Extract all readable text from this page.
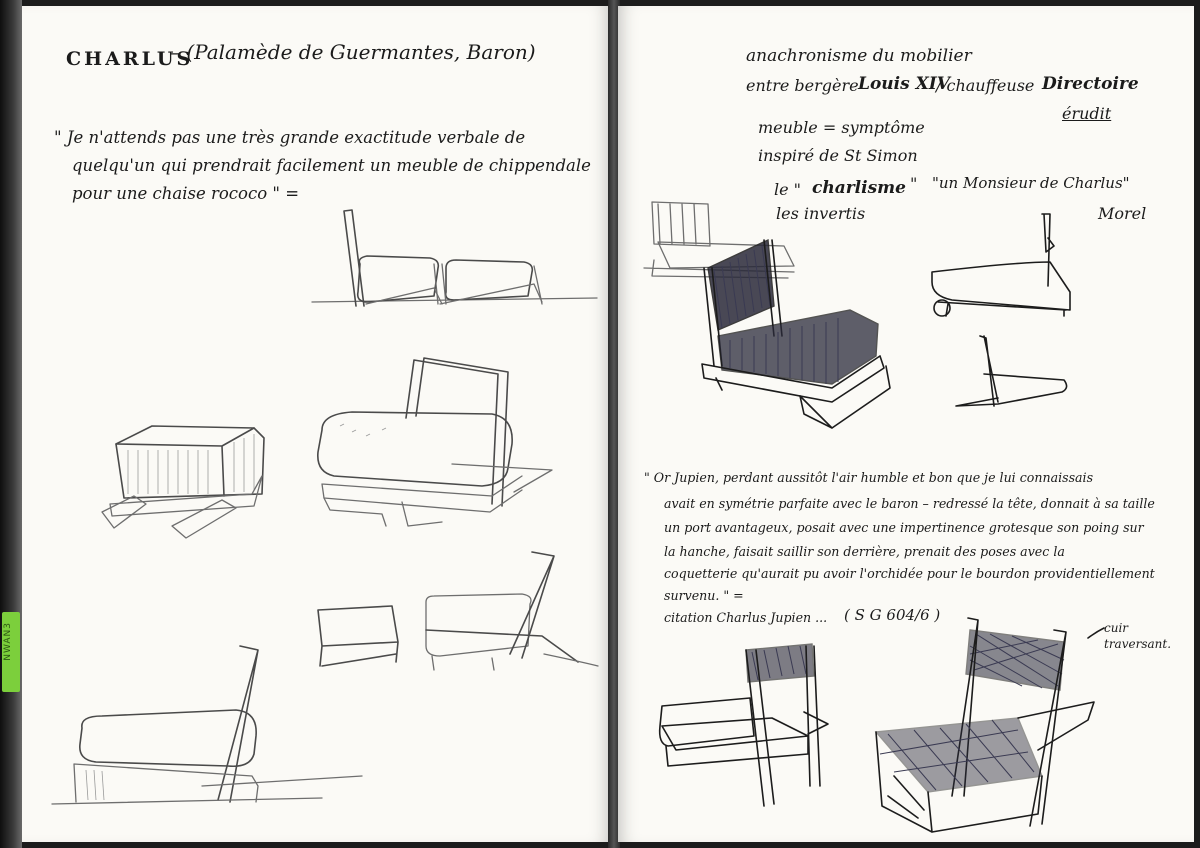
NWAN3
CHARLUS
– (Palamède de Guermantes, Baron)
" Je n'attends pas une très grande exactitude verbale de
quelqu'un qui prendrait facilement un meuble de chippendale
pour une chaise rococo " =
anachronisme du mobilier
entre bergère Louis XIV
/ chauffeuse Directoire
érudit
meuble = symptôme
inspiré de St Simon
le " charlisme " "un Monsieur de Charlus"
les invertis	Morel
" Or Jupien, perdant aussitôt l'air humble et bon que je lui connaissais
avait en symétrie parfaite avec le baron – redressé la tête, donnait à sa taille
un port avantageux, posait avec une impertinence grotesque son poing sur
la hanche, faisait saillir son derrière, prenait des poses avec la
coquetterie qu'aurait pu avoir l'orchidée pour le bourdon providentiellement
survenu. " =
citation Charlus Jupien ... ( S G 604/6 )
cuir traversant.
